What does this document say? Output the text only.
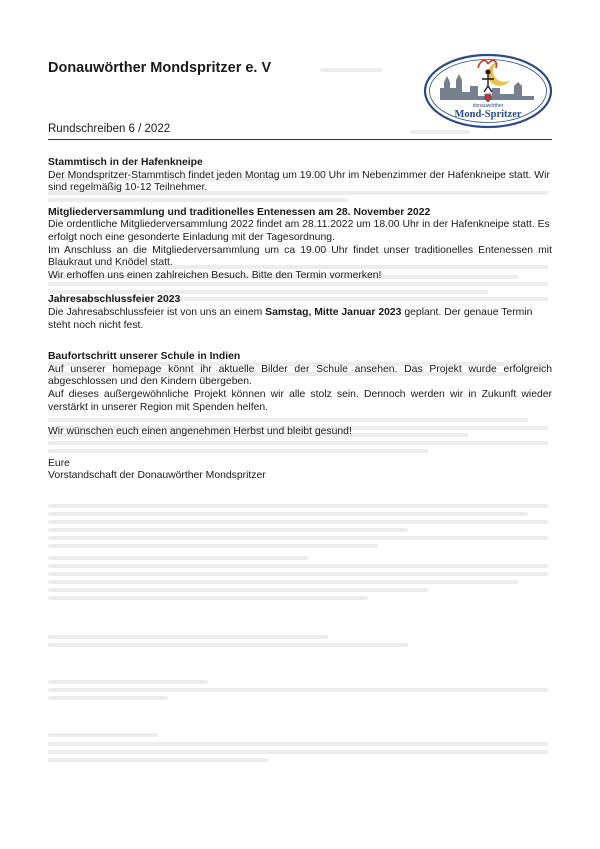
Donauwörther Mondspritzer e. V
donauwörther
Mond-Spritzer
Rundschreiben 6 / 2022

Stammtisch in der Hafenkneipe

Der Mondspritzer-Stammtisch findet jeden Montag um 19.00 Uhr im Nebenzimmer der Hafenkneipe statt. Wir sind regelmäßig 10-12 Teilnehmer.

Mitgliederversammlung und traditionelles Entenessen am 28. November 2022

Die ordentliche Mitgliederversammlung 2022 findet am 28.11.2022 um 18.00 Uhr in der Hafenkneipe statt. Es erfolgt noch eine gesonderte Einladung mit der Tagesordnung.

Im Anschluss an die Mitgliederversammlung um ca 19.00 Uhr findet unser traditionelles Entenessen mit Blaukraut und Knödel statt.

Wir erhoffen uns einen zahlreichen Besuch. Bitte den Termin vormerken!

Jahresabschlussfeier 2023

Die Jahresabschlussfeier ist von uns an einem Samstag, Mitte Januar 2023 geplant. Der genaue Termin steht noch nicht fest.

Baufortschritt unserer Schule in Indien

Auf unserer homepage könnt ihr aktuelle Bilder der Schule ansehen. Das Projekt wurde erfolgreich abgeschlossen und den Kindern übergeben.

Auf dieses außergewöhnliche Projekt können wir alle stolz sein. Dennoch werden wir in Zukunft wieder verstärkt in unserer Region mit Spenden helfen.

Wir wünschen euch einen angenehmen Herbst und bleibt gesund!

Eure

Vorstandschaft der Donauwörther Mondspritzer
